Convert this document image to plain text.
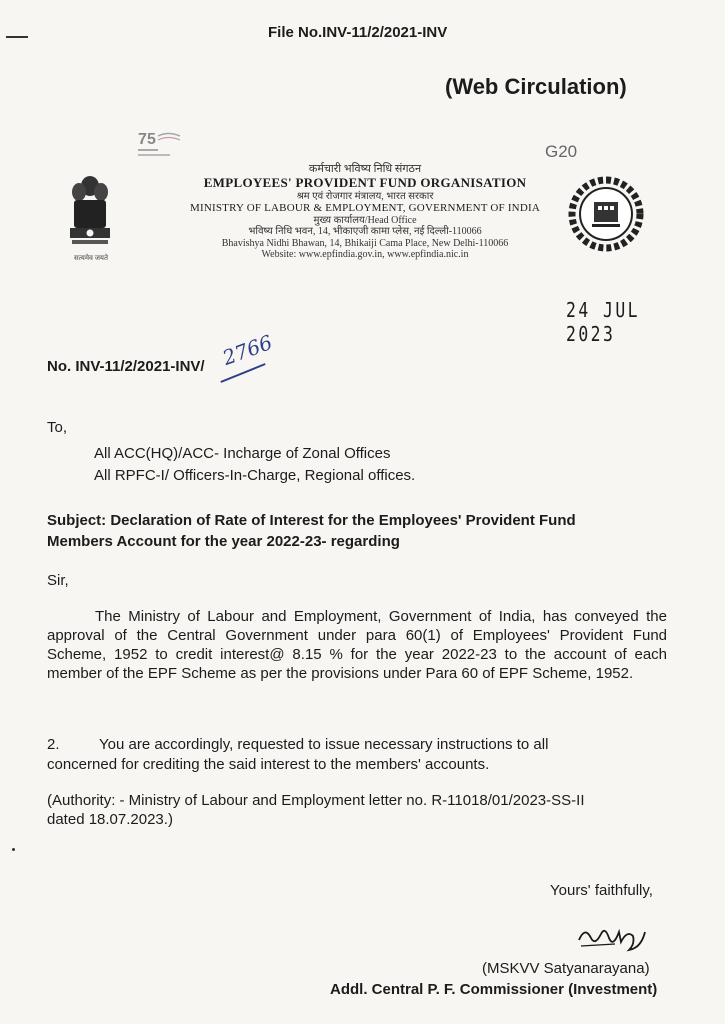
File No.INV-11/2/2021-INV
(Web Circulation)
7 5
सत्यमेव जयते
कर्मचारी भविष्य निधि संगठन
EMPLOYEES' PROVIDENT FUND ORGANISATION
श्रम एवं रोजगार मंत्रालय, भारत सरकार
MINISTRY OF LABOUR & EMPLOYMENT, GOVERNMENT OF INDIA
मुख्य कार्यालय/Head Office
भविष्य निधि भवन, 14, भीकाएजी कामा प्लेस, नई दिल्ली-110066
Bhavishya Nidhi Bhawan, 14, Bhikaiji Cama Place, New Delhi-110066
Website: www.epfindia.gov.in, www.epfindia.nic.in
G20
24 JUL 2023
No. INV-11/2/2021-INV/ 2766
To,
All ACC(HQ)/ACC- Incharge of Zonal Offices
All RPFC-I/ Officers-In-Charge, Regional offices.
Subject: Declaration of Rate of Interest for the Employees' Provident Fund Members Account for the year 2022-23- regarding
Sir,
The Ministry of Labour and Employment, Government of India, has conveyed the approval of the Central Government under para 60(1) of Employees' Provident Fund Scheme, 1952 to credit interest@ 8.15 % for the year 2022-23 to the account of each member of the EPF Scheme as per the provisions under Para 60 of EPF Scheme, 1952.
2.	You are accordingly, requested to issue necessary instructions to all concerned for crediting the said interest to the members' accounts.
(Authority: - Ministry of Labour and Employment letter no. R-11018/01/2023-SS-II dated 18.07.2023.)
Yours' faithfully,
(MSKVV Satyanarayana)
Addl. Central P. F. Commissioner (Investment)
